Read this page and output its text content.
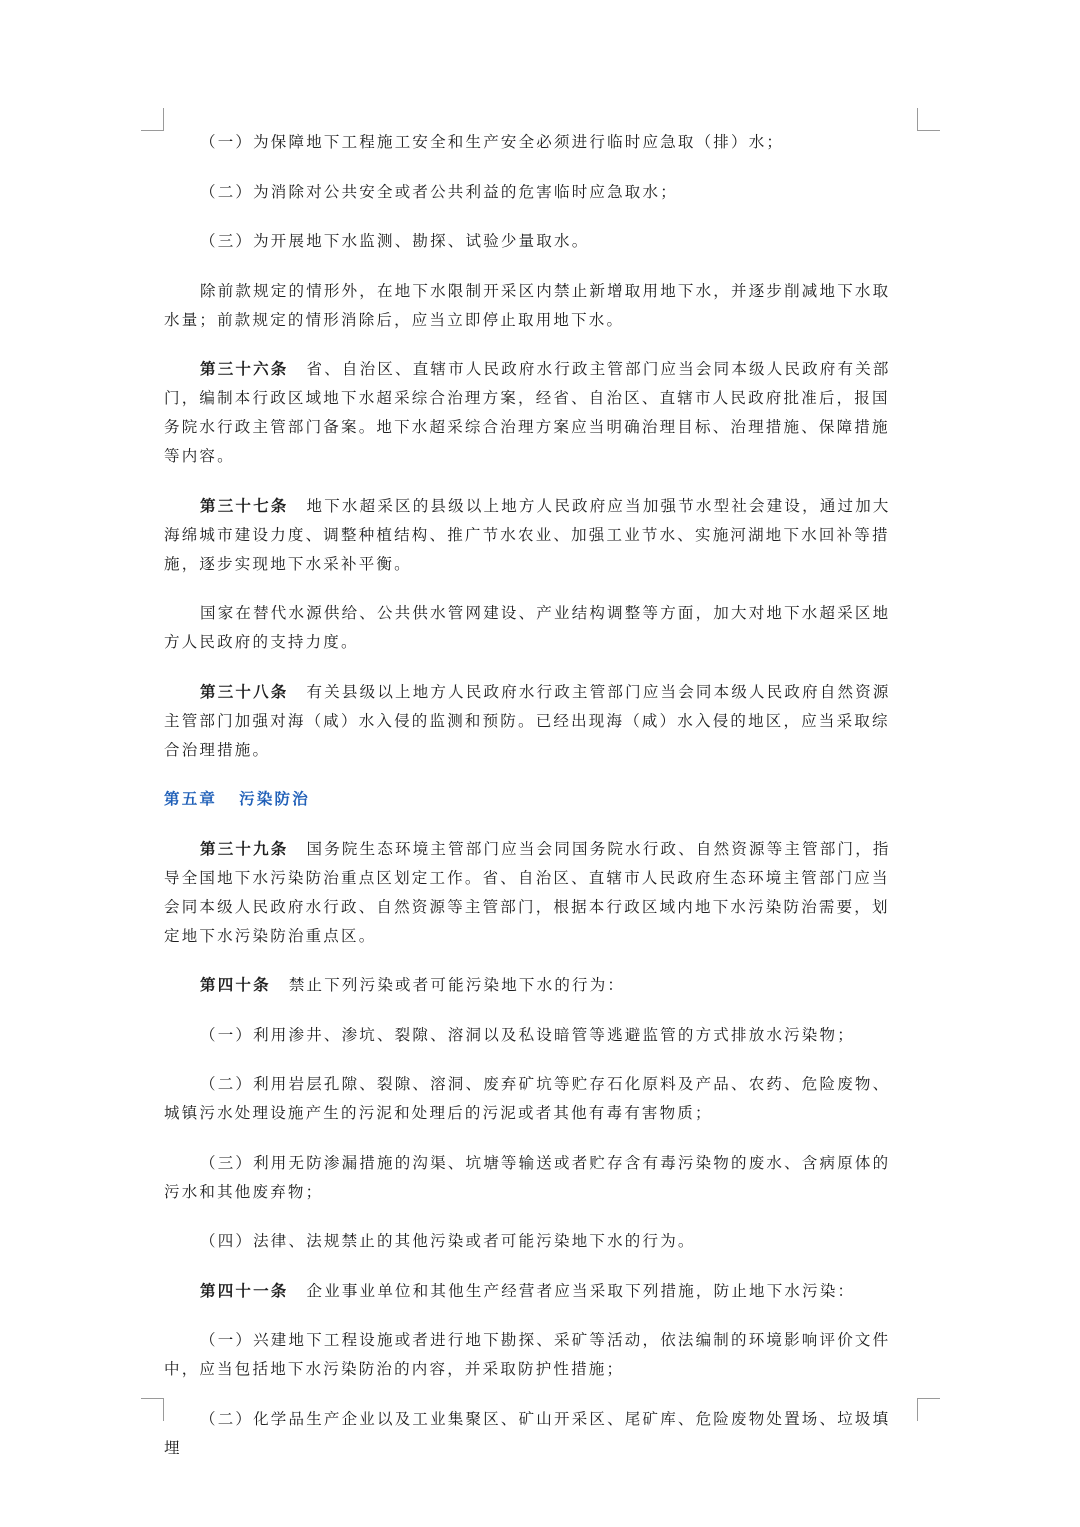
（一）为保障地下工程施工安全和生产安全必须进行临时应急取（排）水；

（二）为消除对公共安全或者公共利益的危害临时应急取水；

（三）为开展地下水监测、勘探、试验少量取水。

除前款规定的情形外，在地下水限制开采区内禁止新增取用地下水，并逐步削减地下水取水量；前款规定的情形消除后，应当立即停止取用地下水。

第三十六条 省、自治区、直辖市人民政府水行政主管部门应当会同本级人民政府有关部门，编制本行政区域地下水超采综合治理方案，经省、自治区、直辖市人民政府批准后，报国务院水行政主管部门备案。地下水超采综合治理方案应当明确治理目标、治理措施、保障措施等内容。

第三十七条 地下水超采区的县级以上地方人民政府应当加强节水型社会建设，通过加大海绵城市建设力度、调整种植结构、推广节水农业、加强工业节水、实施河湖地下水回补等措施，逐步实现地下水采补平衡。

国家在替代水源供给、公共供水管网建设、产业结构调整等方面，加大对地下水超采区地方人民政府的支持力度。

第三十八条 有关县级以上地方人民政府水行政主管部门应当会同本级人民政府自然资源主管部门加强对海（咸）水入侵的监测和预防。已经出现海（咸）水入侵的地区，应当采取综合治理措施。

第五章 污染防治

第三十九条 国务院生态环境主管部门应当会同国务院水行政、自然资源等主管部门，指导全国地下水污染防治重点区划定工作。省、自治区、直辖市人民政府生态环境主管部门应当会同本级人民政府水行政、自然资源等主管部门，根据本行政区域内地下水污染防治需要，划定地下水污染防治重点区。

第四十条 禁止下列污染或者可能污染地下水的行为：

（一）利用渗井、渗坑、裂隙、溶洞以及私设暗管等逃避监管的方式排放水污染物；

（二）利用岩层孔隙、裂隙、溶洞、废弃矿坑等贮存石化原料及产品、农药、危险废物、城镇污水处理设施产生的污泥和处理后的污泥或者其他有毒有害物质；

（三）利用无防渗漏措施的沟渠、坑塘等输送或者贮存含有毒污染物的废水、含病原体的污水和其他废弃物；

（四）法律、法规禁止的其他污染或者可能污染地下水的行为。

第四十一条 企业事业单位和其他生产经营者应当采取下列措施，防止地下水污染：

（一）兴建地下工程设施或者进行地下勘探、采矿等活动，依法编制的环境影响评价文件中，应当包括地下水污染防治的内容，并采取防护性措施；

（二）化学品生产企业以及工业集聚区、矿山开采区、尾矿库、危险废物处置场、垃圾填埋
